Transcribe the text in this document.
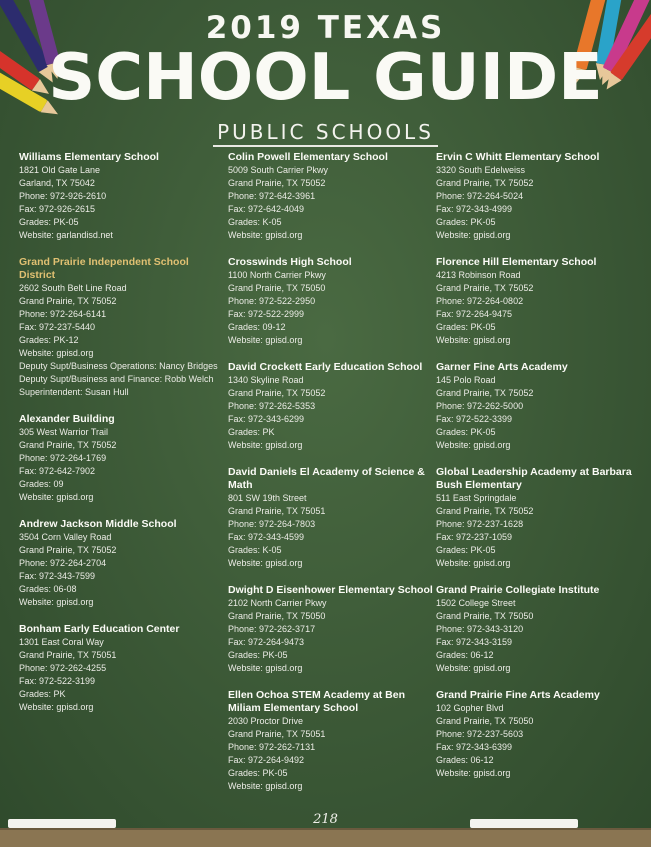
2019 TEXAS
SCHOOL GUIDE
PUBLIC SCHOOLS
Williams Elementary School
1821 Old Gate Lane
Garland, TX 75042
Phone: 972-926-2610
Fax: 972-926-2615
Grades: PK-05
Website: garlandisd.net
Grand Prairie Independent School District
2602 South Belt Line Road
Grand Prairie, TX 75052
Phone: 972-264-6141
Fax: 972-237-5440
Grades: PK-12
Website: gpisd.org
Deputy Supt/Business Operations: Nancy Bridges
Deputy Supt/Business and Finance: Robb Welch
Superintendent: Susan Hull
Alexander Building
305 West Warrior Trail
Grand Prairie, TX 75052
Phone: 972-264-1769
Fax: 972-642-7902
Grades: 09
Website: gpisd.org
Andrew Jackson Middle School
3504 Corn Valley Road
Grand Prairie, TX 75052
Phone: 972-264-2704
Fax: 972-343-7599
Grades: 06-08
Website: gpisd.org
Bonham Early Education Center
1301 East Coral Way
Grand Prairie, TX 75051
Phone: 972-262-4255
Fax: 972-522-3199
Grades: PK
Website: gpisd.org
Colin Powell Elementary School
5009 South Carrier Pkwy
Grand Prairie, TX 75052
Phone: 972-642-3961
Fax: 972-642-4049
Grades: K-05
Website: gpisd.org
Crosswinds High School
1100 North Carrier Pkwy
Grand Prairie, TX 75050
Phone: 972-522-2950
Fax: 972-522-2999
Grades: 09-12
Website: gpisd.org
David Crockett Early Education School
1340 Skyline Road
Grand Prairie, TX 75052
Phone: 972-262-5353
Fax: 972-343-6299
Grades: PK
Website: gpisd.org
David Daniels El Academy of Science & Math
801 SW 19th Street
Grand Prairie, TX 75051
Phone: 972-264-7803
Fax: 972-343-4599
Grades: K-05
Website: gpisd.org
Dwight D Eisenhower Elementary School
2102 North Carrier Pkwy
Grand Prairie, TX 75050
Phone: 972-262-3717
Fax: 972-264-9473
Grades: PK-05
Website: gpisd.org
Ellen Ochoa STEM Academy at Ben Miliam Elementary School
2030 Proctor Drive
Grand Prairie, TX 75051
Phone: 972-262-7131
Fax: 972-264-9492
Grades: PK-05
Website: gpisd.org
Ervin C Whitt Elementary School
3320 South Edelweiss
Grand Prairie, TX 75052
Phone: 972-264-5024
Fax: 972-343-4999
Grades: PK-05
Website: gpisd.org
Florence Hill Elementary School
4213 Robinson Road
Grand Prairie, TX 75052
Phone: 972-264-0802
Fax: 972-264-9475
Grades: PK-05
Website: gpisd.org
Garner Fine Arts Academy
145 Polo Road
Grand Prairie, TX 75052
Phone: 972-262-5000
Fax: 972-522-3399
Grades: PK-05
Website: gpisd.org
Global Leadership Academy at Barbara Bush Elementary
511 East Springdale
Grand Prairie, TX 75052
Phone: 972-237-1628
Fax: 972-237-1059
Grades: PK-05
Website: gpisd.org
Grand Prairie Collegiate Institute
1502 College Street
Grand Prairie, TX 75050
Phone: 972-343-3120
Fax: 972-343-3159
Grades: 06-12
Website: gpisd.org
Grand Prairie Fine Arts Academy
102 Gopher Blvd
Grand Prairie, TX 75050
Phone: 972-237-5603
Fax: 972-343-6399
Grades: 06-12
Website: gpisd.org
218
